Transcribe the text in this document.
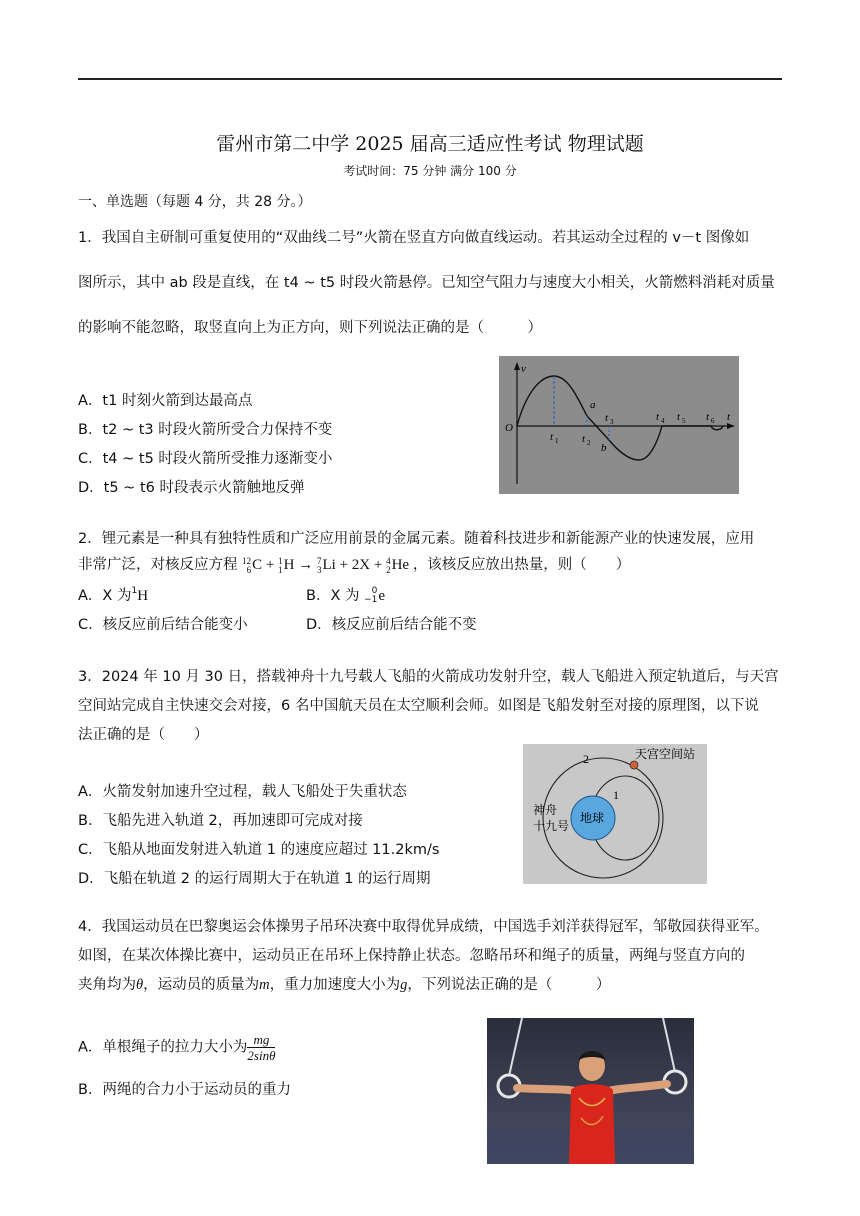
雷州市第二中学 2025 届高三适应性考试 物理试题
考试时间：75 分钟 满分 100 分
一、单选题（每题 4 分，共 28 分。）
1．我国自主研制可重复使用的“双曲线二号”火箭在竖直方向做直线运动。若其运动全过程的 v－t 图像如
图所示，其中 ab 段是直线，在 t4 ~ t5 时段火箭悬停。已知空气阻力与速度大小相关，火箭燃料消耗对质量
的影响不能忽略，取竖直向上为正方向，则下列说法正确的是（　　　）
A．t1 时刻火箭到达最高点
B．t2 ~ t3 时段火箭所受合力保持不变
C．t4 ~ t5 时段火箭所受推力逐渐变小
D．t5 ~ t6 时段表示火箭触地反弹
v
t
O
t 1 t 2
t 3	t 4 t 5 t 6
a
b
2．锂元素是一种具有独特性质和广泛应用前景的金属元素。随着科技进步和新能源产业的快速发展，应用
非常广泛，对核反应方程 12
6C + 1
1H → 7
3Li + 2X + 4
2He ，该核反应放出热量，则（　　）
A．X 为$^1$H	B．X 为 0
−1e
C．核反应前后结合能变小	D．核反应前后结合能不变
3．2024 年 10 月 30 日，搭载神舟十九号载人飞船的火箭成功发射升空，载人飞船进入预定轨道后，与天宫
空间站完成自主快速交会对接，6 名中国航天员在太空顺利会师。如图是飞船发射至对接的原理图，以下说
法正确的是（　　）
A．火箭发射加速升空过程，载人飞船处于失重状态
B．飞船先进入轨道 2，再加速即可完成对接
C．飞船从地面发射进入轨道 1 的速度应超过 11.2km/s
D．飞船在轨道 2 的运行周期大于在轨道 1 的运行周期
天宫空间站
2
1
地球
神舟
十九号
4．我国运动员在巴黎奥运会体操男子吊环决赛中取得优异成绩，中国选手刘洋获得冠军，邹敬园获得亚军。
如图，在某次体操比赛中，运动员正在吊环上保持静止状态。忽略吊环和绳子的质量，两绳与竖直方向的
夹角均为θ，运动员的质量为m，重力加速度大小为g，下列说法正确的是（　　　）
A．单根绳子的拉力大小为 $\frac{mg}{2\sin\theta}$
B．两绳的合力小于运动员的重力
